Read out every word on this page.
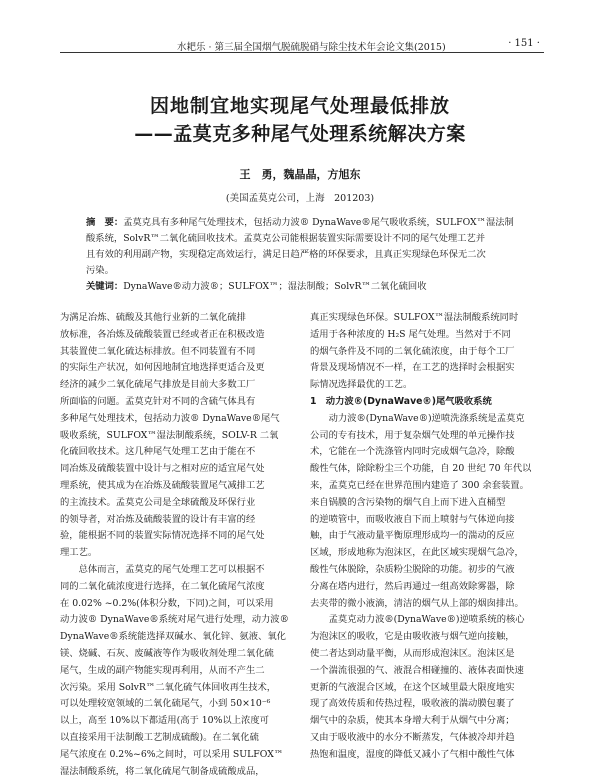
水耙乐 · 第三届全国烟气脱硫脱硝与除尘技术年会论文集(2015)	· 151 ·
因地制宜地实现尾气处理最低排放
——孟莫克多种尾气处理系统解决方案
王　勇，魏晶晶，方旭东
(美国孟莫克公司，上海　201203)
摘　要：孟莫克具有多种尾气处理技术，包括动力波® DynaWave®尾气吸收系统，SULFOX™湿法制
酸系统，SolvR™二氧化硫回收技术。孟莫克公司能根据装置实际需要设计不同的尾气处理工艺并
且有效的利用副产物，实现稳定高效运行，满足日趋严格的环保要求，且真正实现绿色环保无二次
污染。
关键词：DynaWave®动力波®；SULFOX™；湿法制酸；SolvR™二氧化硫回收
为满足冶炼、硫酸及其他行业新的二氧化硫排
放标准，各冶炼及硫酸装置已经或者正在积极改造
其装置使二氧化硫达标排放。但不同装置有不同
的实际生产状况，如何因地制宜地选择更适合及更
经济的减少二氧化硫尾气排放是目前大多数工厂
所面临的问题。孟莫克针对不同的含硫气体具有
多种尾气处理技术，包括动力波® DynaWave®尾气
吸收系统，SULFOX™湿法制酸系统，SOLV-R 二氧
化硫回收技术。这几种尾气处理工艺由于能在不
同冶炼及硫酸装置中设计与之相对应的适宜尾气处
理系统，使其成为在冶炼及硫酸装置尾气减排工艺
的主流技术。孟莫克公司是全球硫酸及环保行业
的领导者，对冶炼及硫酸装置的设计有丰富的经
验，能根据不同的装置实际情况选择不同的尾气处
理工艺。
　　总体而言，孟莫克的尾气处理工艺可以根据不
同的二氧化硫浓度进行选择，在二氧化硫尾气浓度
在 0.02% ~0.2%(体积分数，下同)之间，可以采用
动力波® DynaWave®系统对尾气进行处理，动力波®
DynaWave®系统能选择双碱水、氧化锌、氨液、氧化
镁、烧碱、石灰、废碱液等作为吸收剂处理二氧化硫
尾气，生成的副产物能实现再利用，从而不产生二
次污染。采用 SolvR™二氧化硫气体回收再生技术，
可以处理较宽领域的二氧化硫尾气，小到 50×10⁻⁶
以上，高至 10%以下都适用(高于 10%以上浓度可
以直接采用干法制酸工艺制成硫酸)。在二氧化硫
尾气浓度在 0.2%~6%之间时，可以采用 SULFOX™
湿法制酸系统，将二氧化硫尾气制备成硫酸成品，
真正实现绿色环保。SULFOX™湿法制酸系统同时
适用于各种浓度的 H₂S 尾气处理。当然对于不同
的烟气条件及不同的二氧化硫浓度，由于每个工厂
背景及现场情况不一样，在工艺的选择时会根据实
际情况选择最优的工艺。
1　动力波®(DynaWave®)尾气吸收系统
　　动力波®(DynaWave®)逆喷洗涤系统是孟莫克
公司的专有技术，用于复杂烟气处理的单元操作技
术，它能在一个洗涤管内同时完成烟气急冷，除酸
酸性气体，除除粉尘三个功能，自 20 世纪 70 年代以
来，孟莫克已经在世界范围内建造了 300 余套装置。
来自锅膜的含污染物的烟气自上而下进入直桶型
的逆喷管中，而吸收液自下而上喷射与气体逆向接
触，由于气液动量平衡原理形成均一的湍动的反应
区域，形成地称为泡沫区，在此区域实现烟气急冷，
酸性气体脱除，杂质粉尘脱除的功能。初步的气液
分离在塔内进行，然后再通过一组高效除雾器，除
去夹带的微小液滴，清洁的烟气从上部的烟囱排出。
　　孟莫克动力波®(DynaWave®)逆喷系统的核心
为泡沫区的吸收，它是由吸收液与烟气逆向接触，
使二者达到动量平衡，从而形成泡沫区。泡沫区是
一个湍流很强的气、液混合相碰撞的、液体表面快速
更新的气液混合区域，在这个区域里最大限度地实
现了高效传质和传热过程，吸收液的湍动膜包裹了
烟气中的杂质，使其本身增大利于从烟气中分离；
又由于吸收液中的水分不断蒸发，气体被冷却并趋
热饱和温度，湿度的降低又减小了气相中酸性气体
